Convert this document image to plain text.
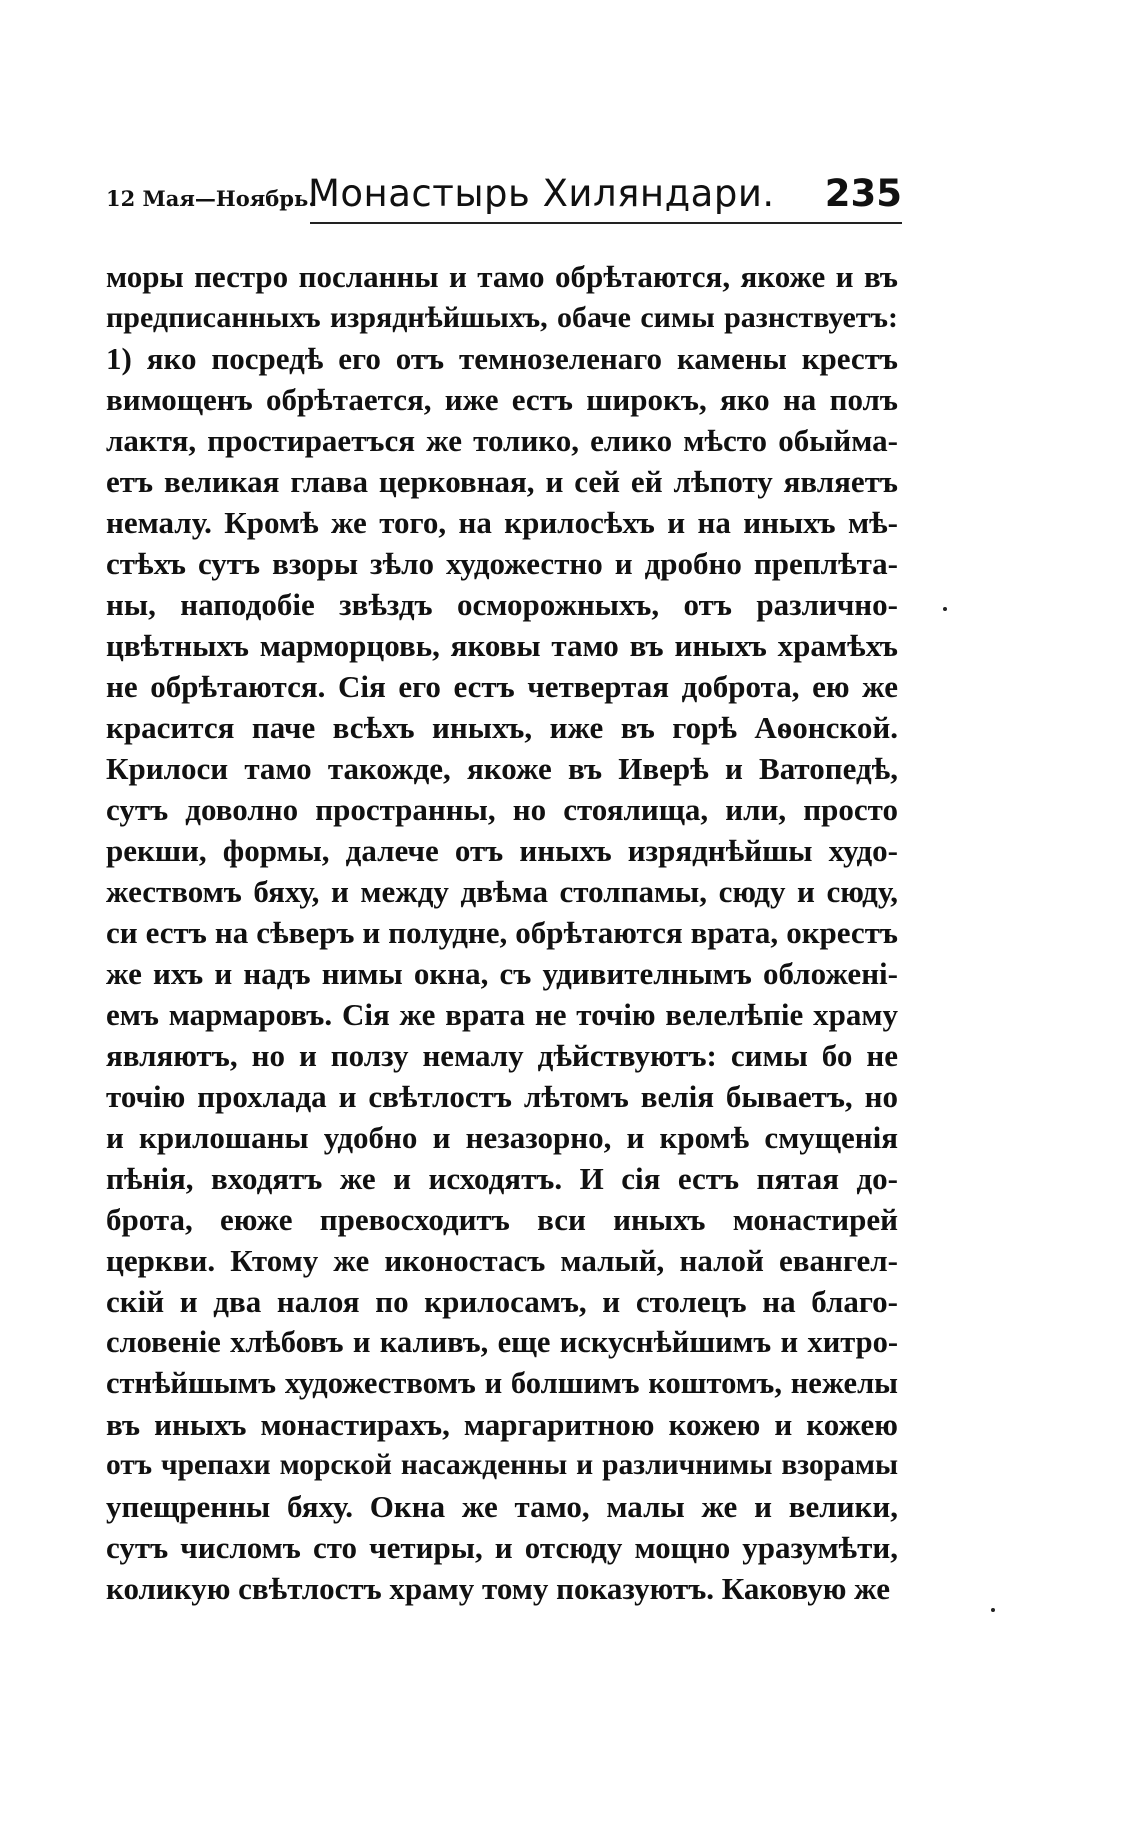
12 Мая—Ноябрь.
Монастырь Хиляндари. 235
моры пестро посланны и тамо обрѣтаются, якоже и въ
предписанныхъ изряднѣйшыхъ, обаче симы разнствуетъ:
1) яко посредѣ его отъ темнозеленаго камены крестъ
вимощенъ обрѣтается, иже естъ широкъ, яко на полъ
лактя, простираетъся же толико, елико мѣсто обыйма-
етъ великая глава церковная, и сей ей лѣпоту являетъ
немалу. Кромѣ же того, на крилосѣхъ и на иныхъ мѣ-
стѣхъ сутъ взоры зѣло художестно и дробно преплѣта-
ны, наподобіе звѣздъ осморожныхъ, отъ различно-
цвѣтныхъ марморцовь, яковы тамо въ иныхъ храмѣхъ
не обрѣтаются. Сія его естъ четвертая доброта, ею же
красится паче всѣхъ иныхъ, иже въ горѣ Аѳонской.
Крилоси тамо такожде, якоже въ Иверѣ и Ватопедѣ,
сутъ доволно пространны, но стоялища, или, просто
рекши, формы, далече отъ иныхъ изряднѣйшы худо-
жествомъ бяху, и между двѣма столпамы, сюду и сюду,
си естъ на сѣверъ и полудне, обрѣтаются врата, окрестъ
же ихъ и надъ нимы окна, съ удивителнымъ обложені-
емъ мармаровъ. Сія же врата не точію велелѣпіе храму
являютъ, но и ползу немалу дѣйствуютъ: симы бо не
точію прохлада и свѣтлостъ лѣтомъ велія бываетъ, но
и крилошаны удобно и незазорно, и кромѣ смущенія
пѣнія, входятъ же и исходятъ. И сія естъ пятая до-
брота, еюже превосходитъ вси иныхъ монастирей
церкви. Ктому же иконостасъ малый, налой евангел-
скій и два налоя по крилосамъ, и столецъ на благо-
словеніе хлѣбовъ и каливъ, еще искуснѣйшимъ и хитро-
стнѣйшымъ художествомъ и болшимъ коштомъ, нежелы
въ иныхъ монастирахъ, маргаритною кожею и кожею
отъ чрепахи морской насажденны и различнимы взорамы
упещренны бяху. Окна же тамо, малы же и велики,
сутъ числомъ сто четиры, и отсюду мощно уразумѣти,
коликую свѣтлостъ храму тому показуютъ. Каковую же
